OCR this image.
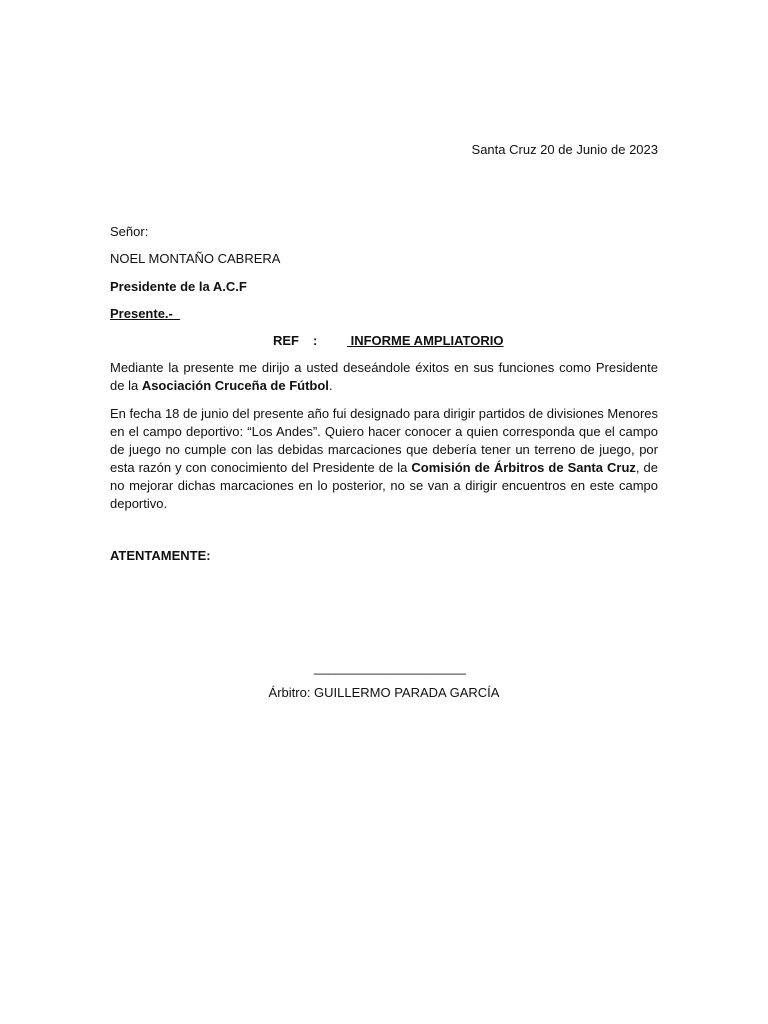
Santa Cruz 20 de Junio de 2023
Señor:
NOEL MONTAÑO CABRERA
Presidente de la A.C.F
Presente.-
REF : INFORME AMPLIATORIO
Mediante la presente me dirijo a usted deseándole éxitos en sus funciones como Presidente de la Asociación Cruceña de Fútbol.
En fecha 18 de junio del presente año fui designado para dirigir partidos de divisiones Menores en el campo deportivo: “Los Andes”. Quiero hacer conocer a quien corresponda que el campo de juego no cumple con las debidas marcaciones que debería tener un terreno de juego, por esta razón y con conocimiento del Presidente de la Comisión de Árbitros de Santa Cruz, de no mejorar dichas marcaciones en lo posterior, no se van a dirigir encuentros en este campo deportivo.
ATENTAMENTE:
_____________________
Árbitro: GUILLERMO PARADA GARCÍA
